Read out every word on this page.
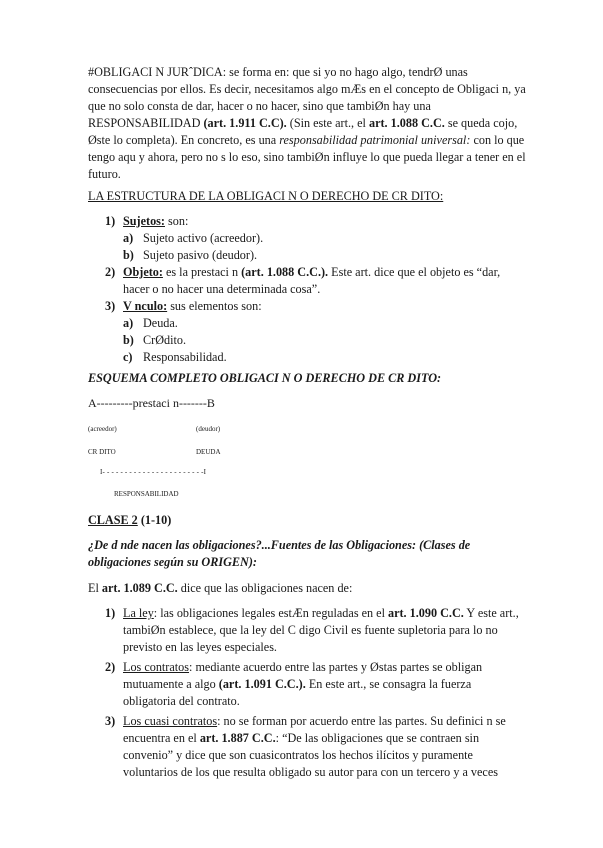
#OBLIGACI N JURˆDICA: se forma en: que si yo no hago algo, tendrØ unas consecuencias por ellos. Es decir, necesitamos algo mÆs en el concepto de Obligaci n, ya que no solo consta de dar, hacer o no hacer, sino que tambiØn hay una RESPONSABILIDAD (art. 1.911 C.C). (Sin este art., el art. 1.088 C.C. se queda cojo, Øste lo completa). En concreto, es una responsabilidad patrimonial universal: con lo que tengo aqu y ahora, pero no s lo eso, sino tambiØn influye lo que pueda llegar a tener en el futuro.

LA ESTRUCTURA DE LA OBLIGACI N O DERECHO DE CR DITO:

1) Sujetos: son:
a) Sujeto activo (acreedor).
b) Sujeto pasivo (deudor).
2) Objeto: es la prestaci n (art. 1.088 C.C.). Este art. dice que el objeto es “dar, hacer o no hacer una determinada cosa”.
3) V nculo: sus elementos son:
a) Deuda.
b) CrØdito.
c) Responsabilidad.

ESQUEMA COMPLETO OBLIGACI N O DERECHO DE CR DITO:

A---------prestaci n-------B
(acreedor)	(deudor)
CR DITO	DEUDA
I- - - - - - - - - - - - - - - - - - - - - - -I
RESPONSABILIDAD

CLASE 2 (1-10)

¿De d nde nacen las obligaciones?...Fuentes de las Obligaciones: (Clases de obligaciones según su ORIGEN):

El art. 1.089 C.C. dice que las obligaciones nacen de:

1) La ley: las obligaciones legales estÆn reguladas en el art. 1.090 C.C. Y este art., tambiØn establece, que la ley del C digo Civil es fuente supletoria para lo no previsto en las leyes especiales.
2) Los contratos: mediante acuerdo entre las partes y Østas partes se obligan mutuamente a algo (art. 1.091 C.C.). En este art., se consagra la fuerza obligatoria del contrato.
3) Los cuasi contratos: no se forman por acuerdo entre las partes. Su definici n se encuentra en el art. 1.887 C.C.: “De las obligaciones que se contraen sin convenio” y dice que son cuasicontratos los hechos ilícitos y puramente voluntarios de los que resulta obligado su autor para con un tercero y a veces
